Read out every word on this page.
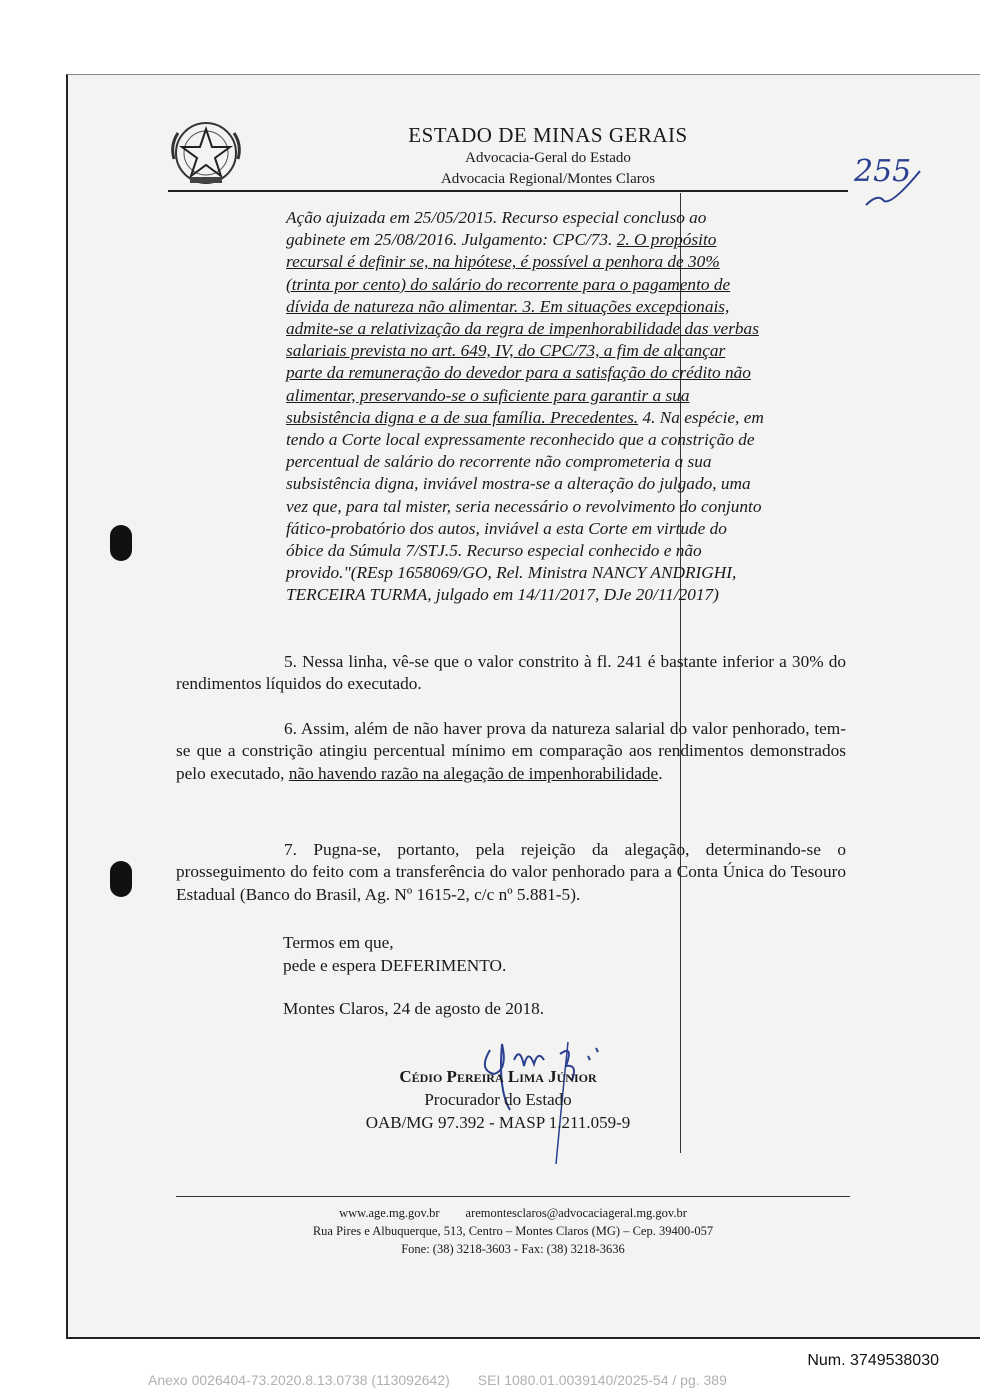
ESTADO DE MINAS GERAIS
Advocacia-Geral do Estado
Advocacia Regional/Montes Claros	255
Ação ajuizada em 25/05/2015. Recurso especial concluso ao
gabinete em 25/08/2016. Julgamento: CPC/73. 2. O propósito
recursal é definir se, na hipótese, é possível a penhora de 30%
(trinta por cento) do salário do recorrente para o pagamento de
dívida de natureza não alimentar. 3. Em situações excepcionais,
admite-se a relativização da regra de impenhorabilidade das verbas
salariais prevista no art. 649, IV, do CPC/73, a fim de alcançar
parte da remuneração do devedor para a satisfação do crédito não
alimentar, preservando-se o suficiente para garantir a sua
subsistência digna e a de sua família. Precedentes. 4. Na espécie, em
tendo a Corte local expressamente reconhecido que a constrição de
percentual de salário do recorrente não comprometeria a sua
subsistência digna, inviável mostra-se a alteração do julgado, uma
vez que, para tal mister, seria necessário o revolvimento do conjunto
fático-probatório dos autos, inviável a esta Corte em virtude do
óbice da Súmula 7/STJ.5. Recurso especial conhecido e não
provido."(REsp 1658069/GO, Rel. Ministra NANCY ANDRIGHI,
TERCEIRA TURMA, julgado em 14/11/2017, DJe 20/11/2017)
5. Nessa linha, vê-se que o valor constrito à fl. 241 é bastante inferior a 30% do rendimentos líquidos do executado.
6. Assim, além de não haver prova da natureza salarial do valor penhorado, tem-se que a constrição atingiu percentual mínimo em comparação aos rendimentos demonstrados pelo executado, não havendo razão na alegação de impenhorabilidade.
7. Pugna-se, portanto, pela rejeição da alegação, determinando-se o prosseguimento do feito com a transferência do valor penhorado para a Conta Única do Tesouro Estadual (Banco do Brasil, Ag. Nº 1615-2, c/c nº 5.881-5).
Termos em que,
pede e espera DEFERIMENTO.
Montes Claros, 24 de agosto de 2018.
Cédio Pereira Lima Júnior
Procurador do Estado
OAB/MG 97.392 - MASP 1.211.059-9
www.age.mg.gov.br aremontesclaros@advocaciageral.mg.gov.br
Rua Pires e Albuquerque, 513, Centro – Montes Claros (MG) – Cep. 39400-057
Fone: (38) 3218-3603 - Fax: (38) 3218-3636
Num. 3749538030
Anexo 0026404-73.2020.8.13.0738 (113092642) SEI 1080.01.0039140/2025-54 / pg. 389
